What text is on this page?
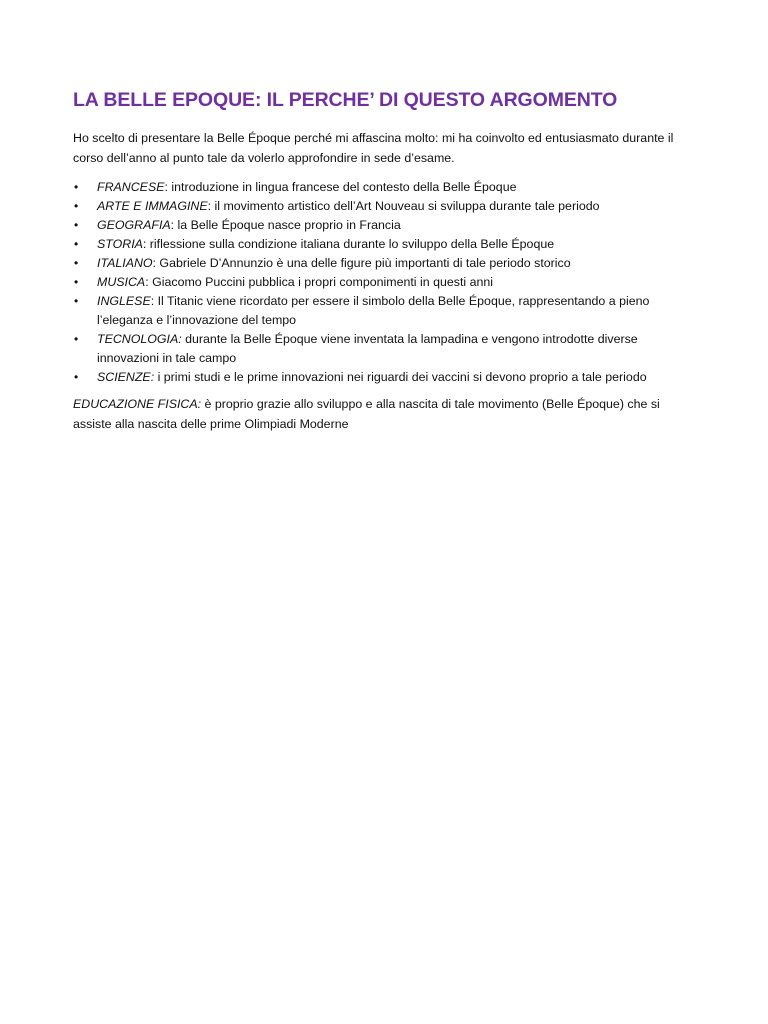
LA BELLE EPOQUE: IL PERCHE’ DI QUESTO ARGOMENTO

Ho scelto di presentare la Belle Époque perché mi affascina molto: mi ha coinvolto ed entusiasmato durante il corso dell’anno al punto tale da volerlo approfondire in sede d’esame.

• FRANCESE: introduzione in lingua francese del contesto della Belle Époque
• ARTE E IMMAGINE: il movimento artistico dell’Art Nouveau si sviluppa durante tale periodo
• GEOGRAFIA: la Belle Époque nasce proprio in Francia
• STORIA: riflessione sulla condizione italiana durante lo sviluppo della Belle Époque
• ITALIANO: Gabriele D’Annunzio è una delle figure più importanti di tale periodo storico
• MUSICA: Giacomo Puccini pubblica i propri componimenti in questi anni
• INGLESE: Il Titanic viene ricordato per essere il simbolo della Belle Époque, rappresentando a pieno l’eleganza e l’innovazione del tempo
• TECNOLOGIA: durante la Belle Époque viene inventata la lampadina e vengono introdotte diverse innovazioni in tale campo
• SCIENZE: i primi studi e le prime innovazioni nei riguardi dei vaccini si devono proprio a tale periodo

EDUCAZIONE FISICA: è proprio grazie allo sviluppo e alla nascita di tale movimento (Belle Époque) che si assiste alla nascita delle prime Olimpiadi Moderne
